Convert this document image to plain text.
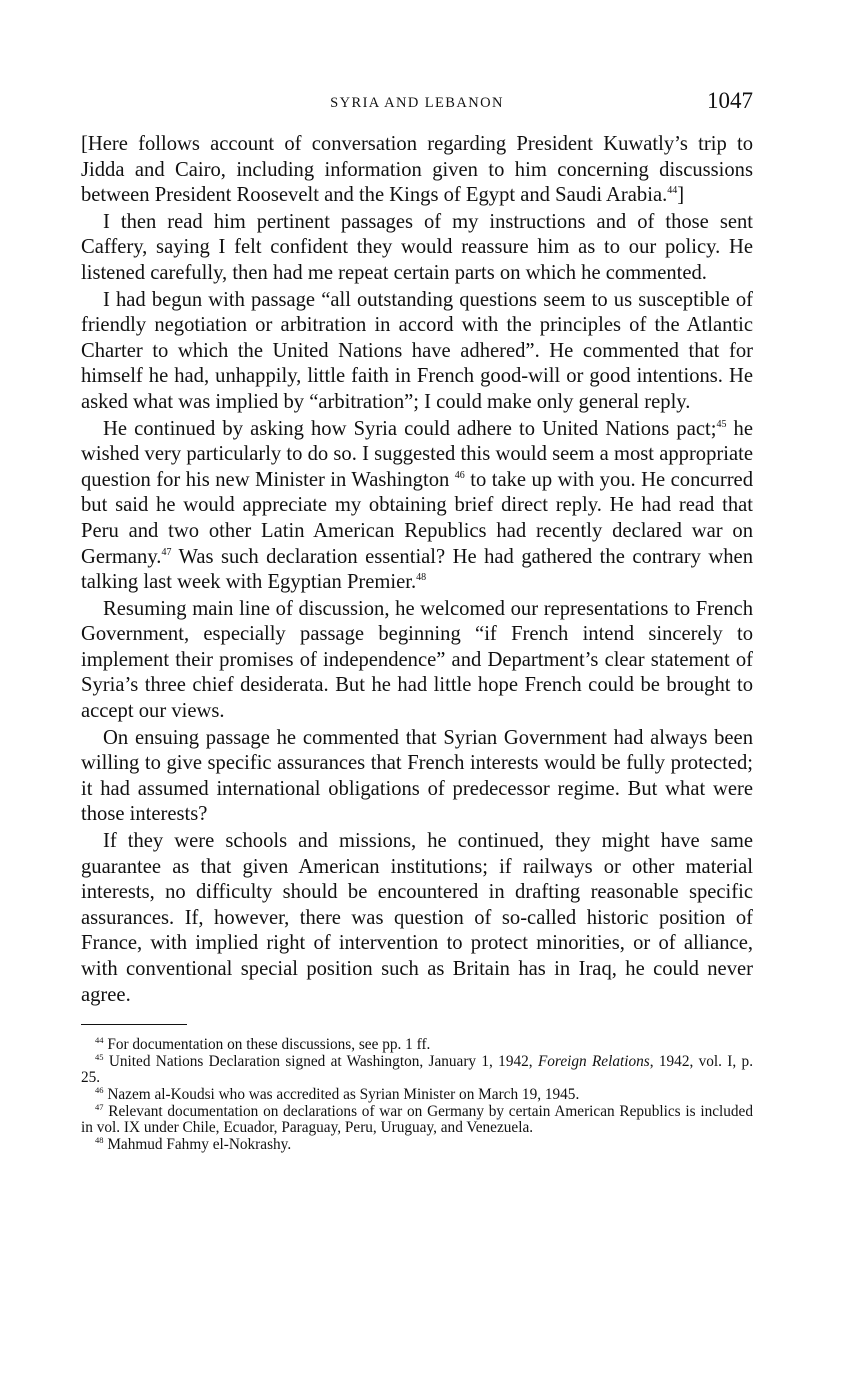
SYRIA AND LEBANON	1047

[Here follows account of conversation regarding President Kuwatly’s trip to Jidda and Cairo, including information given to him concerning discussions between President Roosevelt and the Kings of Egypt and Saudi Arabia.$^{44}$]

I then read him pertinent passages of my instructions and of those sent Caffery, saying I felt confident they would reassure him as to our policy. He listened carefully, then had me repeat certain parts on which he commented.

I had begun with passage “all outstanding questions seem to us susceptible of friendly negotiation or arbitration in accord with the principles of the Atlantic Charter to which the United Nations have adhered”. He commented that for himself he had, unhappily, little faith in French good-will or good intentions. He asked what was implied by “arbitration”; I could make only general reply.

He continued by asking how Syria could adhere to United Nations pact;$^{45}$ he wished very particularly to do so. I suggested this would seem a most appropriate question for his new Minister in Washington $^{46}$ to take up with you. He concurred but said he would appreciate my obtaining brief direct reply. He had read that Peru and two other Latin American Republics had recently declared war on Germany.$^{47}$ Was such declaration essential? He had gathered the contrary when talking last week with Egyptian Premier.$^{48}$

Resuming main line of discussion, he welcomed our representations to French Government, especially passage beginning “if French intend sincerely to implement their promises of independence” and Department’s clear statement of Syria’s three chief desiderata. But he had little hope French could be brought to accept our views.

On ensuing passage he commented that Syrian Government had always been willing to give specific assurances that French interests would be fully protected; it had assumed international obligations of predecessor regime. But what were those interests?

If they were schools and missions, he continued, they might have same guarantee as that given American institutions; if railways or other material interests, no difficulty should be encountered in drafting reasonable specific assurances. If, however, there was question of so-called historic position of France, with implied right of intervention to protect minorities, or of alliance, with conventional special position such as Britain has in Iraq, he could never agree.

$^{44}$ For documentation on these discussions, see pp. 1 ff.

$^{45}$ United Nations Declaration signed at Washington, January 1, 1942, Foreign Relations, 1942, vol. I, p. 25.

$^{46}$ Nazem al-Koudsi who was accredited as Syrian Minister on March 19, 1945.

$^{47}$ Relevant documentation on declarations of war on Germany by certain American Republics is included in vol. IX under Chile, Ecuador, Paraguay, Peru, Uruguay, and Venezuela.

$^{48}$ Mahmud Fahmy el-Nokrashy.
